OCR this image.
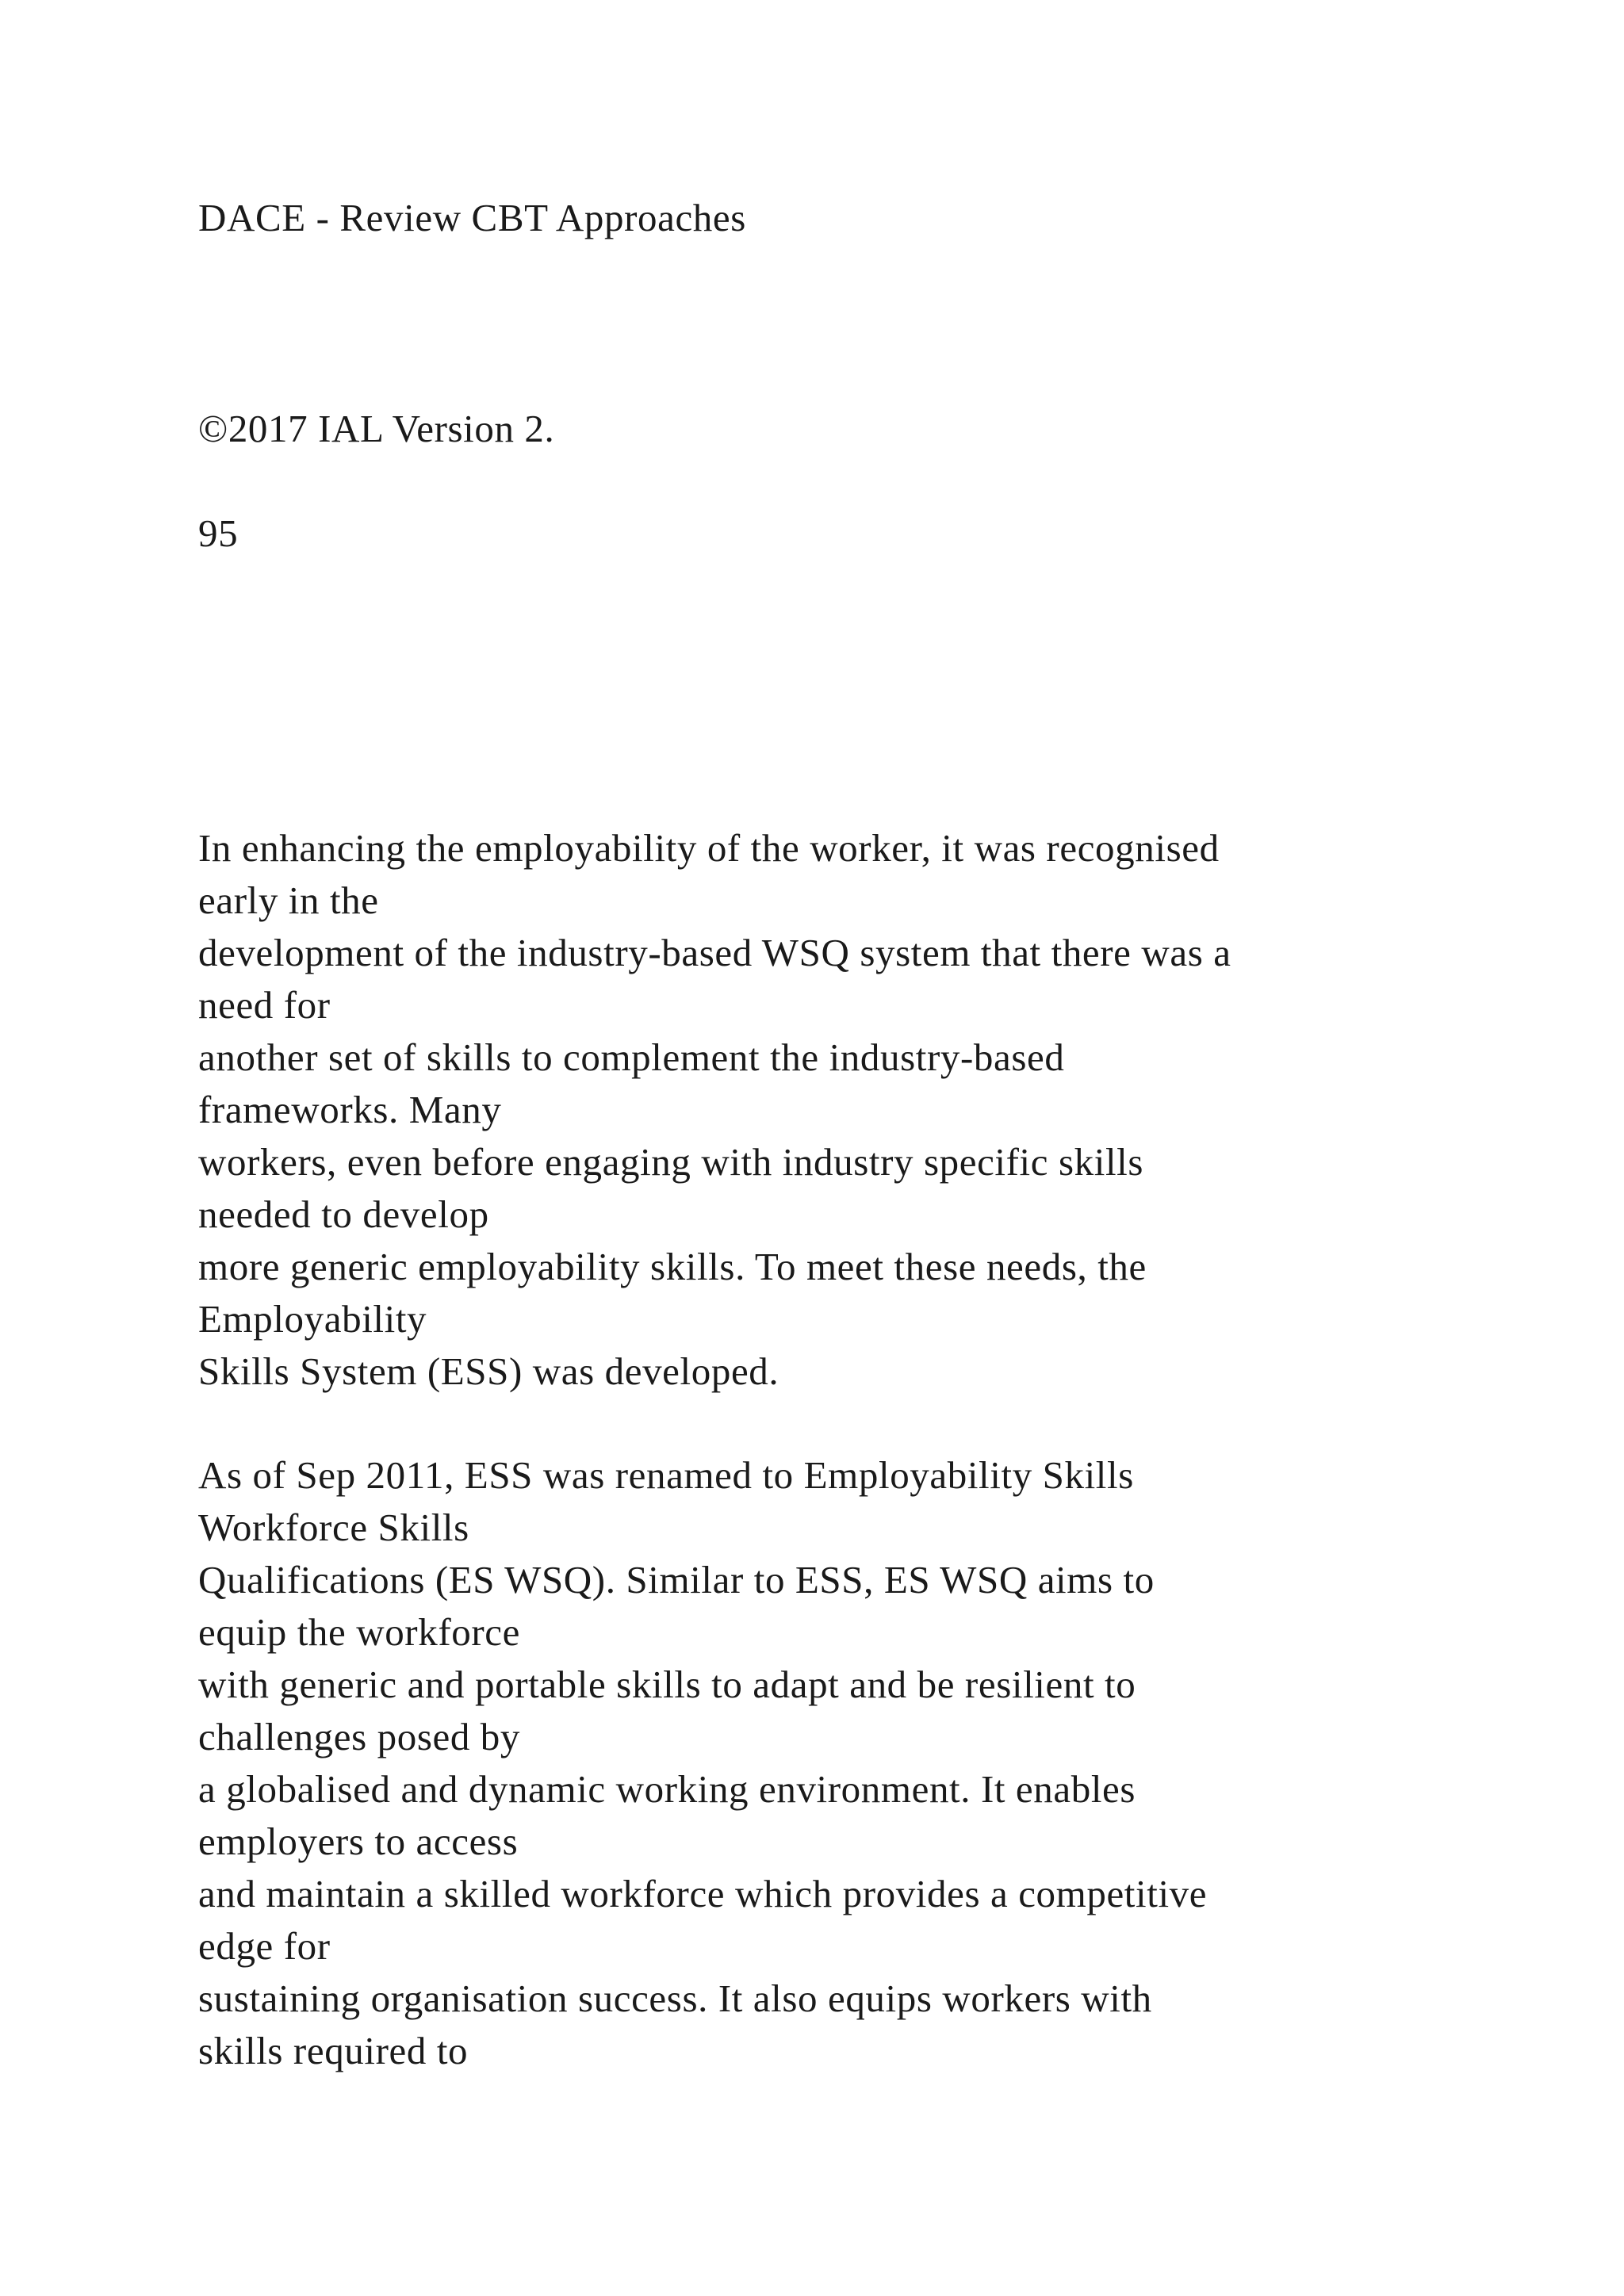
DACE - Review CBT Approaches

©2017 IAL Version 2.

95

In enhancing the employability of the worker, it was recognised
early in the
development of the industry-based WSQ system that there was a
need for
another set of skills to complement the industry-based
frameworks. Many
workers, even before engaging with industry specific skills
needed to develop
more generic employability skills. To meet these needs, the
Employability
Skills System (ESS) was developed.
As of Sep 2011, ESS was renamed to Employability Skills
Workforce Skills
Qualifications (ES WSQ). Similar to ESS, ES WSQ aims to
equip the workforce
with generic and portable skills to adapt and be resilient to
challenges posed by
a globalised and dynamic working environment. It enables
employers to access
and maintain a skilled workforce which provides a competitive
edge for
sustaining organisation success. It also equips workers with
skills required to
